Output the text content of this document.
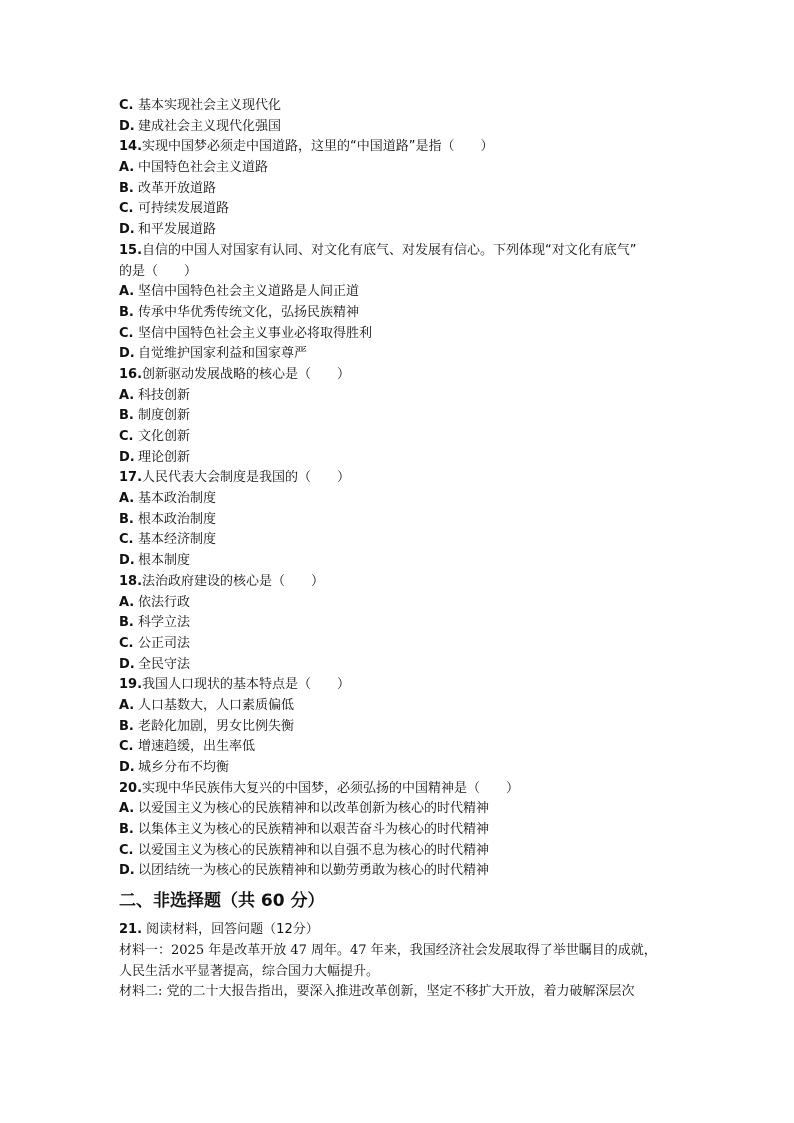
C. 基本实现社会主义现代化
D. 建成社会主义现代化强国
14.实现中国梦必须走中国道路，这里的“中国道路”是指（　　）
A. 中国特色社会主义道路
B. 改革开放道路
C. 可持续发展道路
D. 和平发展道路
15.自信的中国人对国家有认同、对文化有底气、对发展有信心。下列体现“对文化有底气”
的是（　　）
A. 坚信中国特色社会主义道路是人间正道
B. 传承中华优秀传统文化，弘扬民族精神
C. 坚信中国特色社会主义事业必将取得胜利
D. 自觉维护国家利益和国家尊严
16.创新驱动发展战略的核心是（　　）
A. 科技创新
B. 制度创新
C. 文化创新
D. 理论创新
17.人民代表大会制度是我国的（　　）
A. 基本政治制度
B. 根本政治制度
C. 基本经济制度
D. 根本制度
18.法治政府建设的核心是（　　）
A. 依法行政
B. 科学立法
C. 公正司法
D. 全民守法
19.我国人口现状的基本特点是（　　）
A. 人口基数大，人口素质偏低
B. 老龄化加剧，男女比例失衡
C. 增速趋缓，出生率低
D. 城乡分布不均衡
20.实现中华民族伟大复兴的中国梦，必须弘扬的中国精神是（　　）
A. 以爱国主义为核心的民族精神和以改革创新为核心的时代精神
B. 以集体主义为核心的民族精神和以艰苦奋斗为核心的时代精神
C. 以爱国主义为核心的民族精神和以自强不息为核心的时代精神
D. 以团结统一为核心的民族精神和以勤劳勇敢为核心的时代精神
二、非选择题（共 60 分）
21. 阅读材料，回答问题（12分）
材料一：2025 年是改革开放 47 周年。47 年来，我国经济社会发展取得了举世瞩目的成就，
人民生活水平显著提高，综合国力大幅提升。
材料二: 党的二十大报告指出，要深入推进改革创新，坚定不移扩大开放，着力破解深层次
